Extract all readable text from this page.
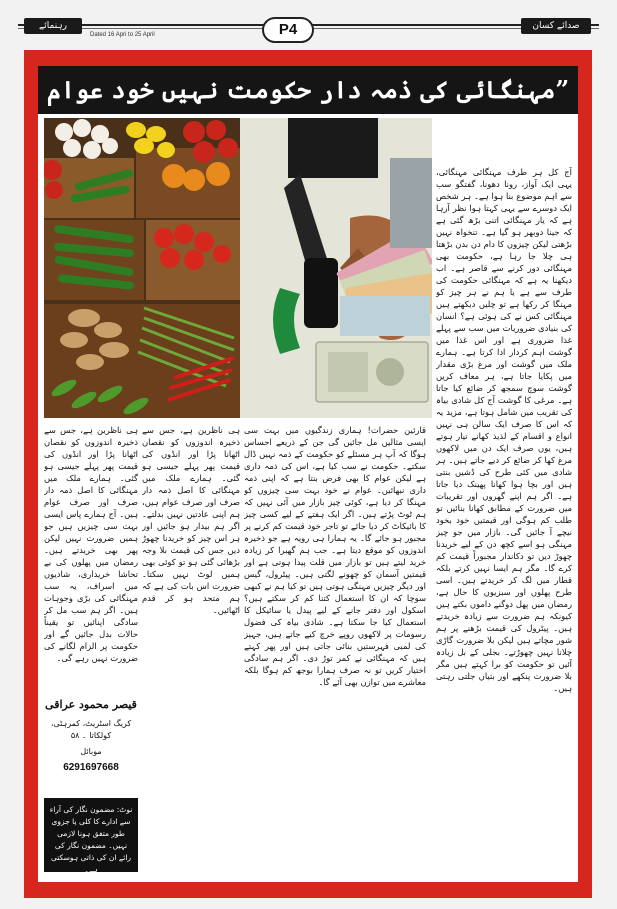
رہنمائے	صدائے کسان
P4
Dated 16 Apri to 25 April
”مہنگائی کی ذمہ دار حکومت نہیں خود عوام
آج کل ہر طرف مہنگائی مہنگائی، یہی ایک آواز، رونا دھونا، گفتگو سب سے اہم موضوع بنا ہوا ہے۔ ہر شخص ایک دوسرے سے یہی کہتا ہوا نظر آرہا ہے کہ یار مہنگائی اتنی بڑھ گئی ہے کہ جینا دوبھر ہو گیا ہے۔ تنخواہ نہیں بڑھتی لیکن چیزوں کا دام دن بدن بڑھتا ہی چلا جا رہا ہے، حکومت بھی مہنگائی دور کرنے سے قاصر ہے۔ اب دیکھنا یہ ہے کہ مہنگائی حکومت کی طرف سے ہے یا ہم نے ہر چیز کو مہنگا کر رکھا ہے تو چلیں دیکھتے ہیں مہنگائی کس نے کی ہوئی ہے؟ انسان کی بنیادی ضروریات میں سب سے پہلے غذا ضروری ہے اور اس غذا میں گوشت اہم کردار ادا کرتا ہے۔ ہمارے ملک میں گوشت اور مرغ بڑی مقدار میں پکایا جاتا ہے، ہر معاف کریں گوشت سوچ سمجھ کر ضائع کیا جاتا ہے۔ مرغی کا گوشت آج کل شادی بیاہ کی تقریب میں شامل ہوتا ہے، مزید یہ کہ اس کا صرف ایک سالن ہی نہیں انواع و اقسام کے لذیذ کھانے تیار ہوتے ہیں، یوں صرف ایک دن میں لاکھوں مرغ کھا کر ضائع کر دیے جاتے ہیں۔ ہر شادی میں کئی طرح کی ڈشیں بنتی ہیں اور بچا ہوا کھانا پھینک دیا جاتا ہے۔ اگر ہم اپنے گھروں اور تقریبات میں ضرورت کے مطابق کھانا بنائیں تو طلب کم ہوگی اور قیمتیں خود بخود نیچے آ جائیں گی۔ بازار میں جو چیز مہنگی ہو اسے کچھ دن کے لیے خریدنا چھوڑ دیں تو دکاندار مجبوراً قیمت کم کرے گا۔ مگر ہم ایسا نہیں کرتے بلکہ قطار میں لگ کر خریدتے ہیں۔ اسی طرح پھلوں اور سبزیوں کا حال ہے، رمضان میں پھل دوگنے داموں بکتے ہیں کیونکہ ہم ضرورت سے زیادہ خریدتے ہیں۔ پیٹرول کی قیمت بڑھنے پر ہم شور مچاتے ہیں لیکن بلا ضرورت گاڑی چلانا نہیں چھوڑتے۔ بجلی کے بل زیادہ آئیں تو حکومت کو برا کہتے ہیں مگر بلا ضرورت پنکھے اور بتیاں جلتی رہتی ہیں۔
قارئین حضرات! ہماری زندگیوں میں بہت سی ایسی مثالیں مل جائیں گی جن کے ذریعے احساس ہوگا کہ آپ ہر مسئلے کو حکومت کے ذمہ نہیں ڈال سکتے۔ حکومت نے سب کیا ہے، اس کی ذمہ داری ہے لیکن عوام کا بھی فرض بنتا ہے کہ اپنی ذمہ داری نبھائیں۔ عوام نے خود بہت سی چیزوں کو مہنگا کر دیا ہے، کوئی چیز بازار میں آئی نہیں کہ ہم ٹوٹ پڑتے ہیں۔ اگر ایک ہفتے کے لیے کسی چیز کا بائیکاٹ کر دیا جائے تو تاجر خود قیمت کم کرنے پر مجبور ہو جائے گا۔ یہ ہمارا ہی رویہ ہے جو ذخیرہ اندوزوں کو موقع دیتا ہے۔ جب ہم گھبرا کر زیادہ خرید لیتے ہیں تو بازار میں قلت پیدا ہوتی ہے اور قیمتیں آسمان کو چھونے لگتی ہیں۔ پیٹرول، گیس اور دیگر چیزیں مہنگی ہوتی ہیں تو کیا ہم نے کبھی سوچا کہ ان کا استعمال کتنا کم کر سکتے ہیں؟ اسکول اور دفتر جانے کے لیے پیدل یا سائیکل کا استعمال کیا جا سکتا ہے۔ شادی بیاہ کی فضول رسومات پر لاکھوں روپے خرچ کیے جاتے ہیں، جہیز کی لمبی فہرستیں بنائی جاتی ہیں اور پھر کہتے ہیں کہ مہنگائی نے کمر توڑ دی۔ اگر ہم سادگی اختیار کریں تو نہ صرف ہمارا بوجھ کم ہوگا بلکہ معاشرے میں توازن بھی آئے گا۔
ہی ناظرین ہے، جس سے ذخیرہ اندوزوں کو نقصان اٹھانا پڑا اور انڈوں کی قیمت پھر پہلے جیسی ہو گئی۔ ہمارے ملک میں مہنگائی کا اصل ذمہ دار صرف اور صرف عوام ہیں، ہم اپنی عادتیں نہیں بدلتے۔ اگر ہم بیدار ہو جائیں اور ہر اس چیز کو خریدنا چھوڑ دیں جس کی قیمت بلا وجہ بڑھائی گئی ہو تو کوئی بھی ہمیں لوٹ نہیں سکتا۔ ضرورت اس بات کی ہے کہ ہم متحد ہو کر قدم اٹھائیں۔
ہی ناظرین ہے، جس سے ذخیرہ اندوزوں کو نقصان اٹھانا پڑا اور انڈوں کی قیمت پھر پہلے جیسی ہو گئی۔ ہمارے ملک میں مہنگائی کا اصل ذمہ دار صرف اور صرف عوام ہیں۔ آج ہمارے پاس ایسی بہت سی چیزیں ہیں جو ہمیں ضرورت نہیں لیکن پھر بھی خریدتے ہیں۔ رمضان میں پھلوں کی بے تحاشا خریداری، شادیوں میں اسراف، یہ سب مہنگائی کی بڑی وجوہات ہیں۔ اگر ہم سب مل کر سادگی اپنائیں تو یقیناً حالات بدل جائیں گے اور حکومت پر الزام لگانے کی ضرورت نہیں رہے گی۔
قیصر محمود عراقی
کریگ اسٹریٹ، کمرہٹی، کولکاتا ۔ ۵۸
موبائل
6291697668
نوٹ: مضمون نگار کی آراء سے ادارے کا کلی یا جزوی طور متفق ہونا لازمی نہیں۔ مضمون نگار کی رائے ان کی ذاتی ہوسکتی ہے۔
